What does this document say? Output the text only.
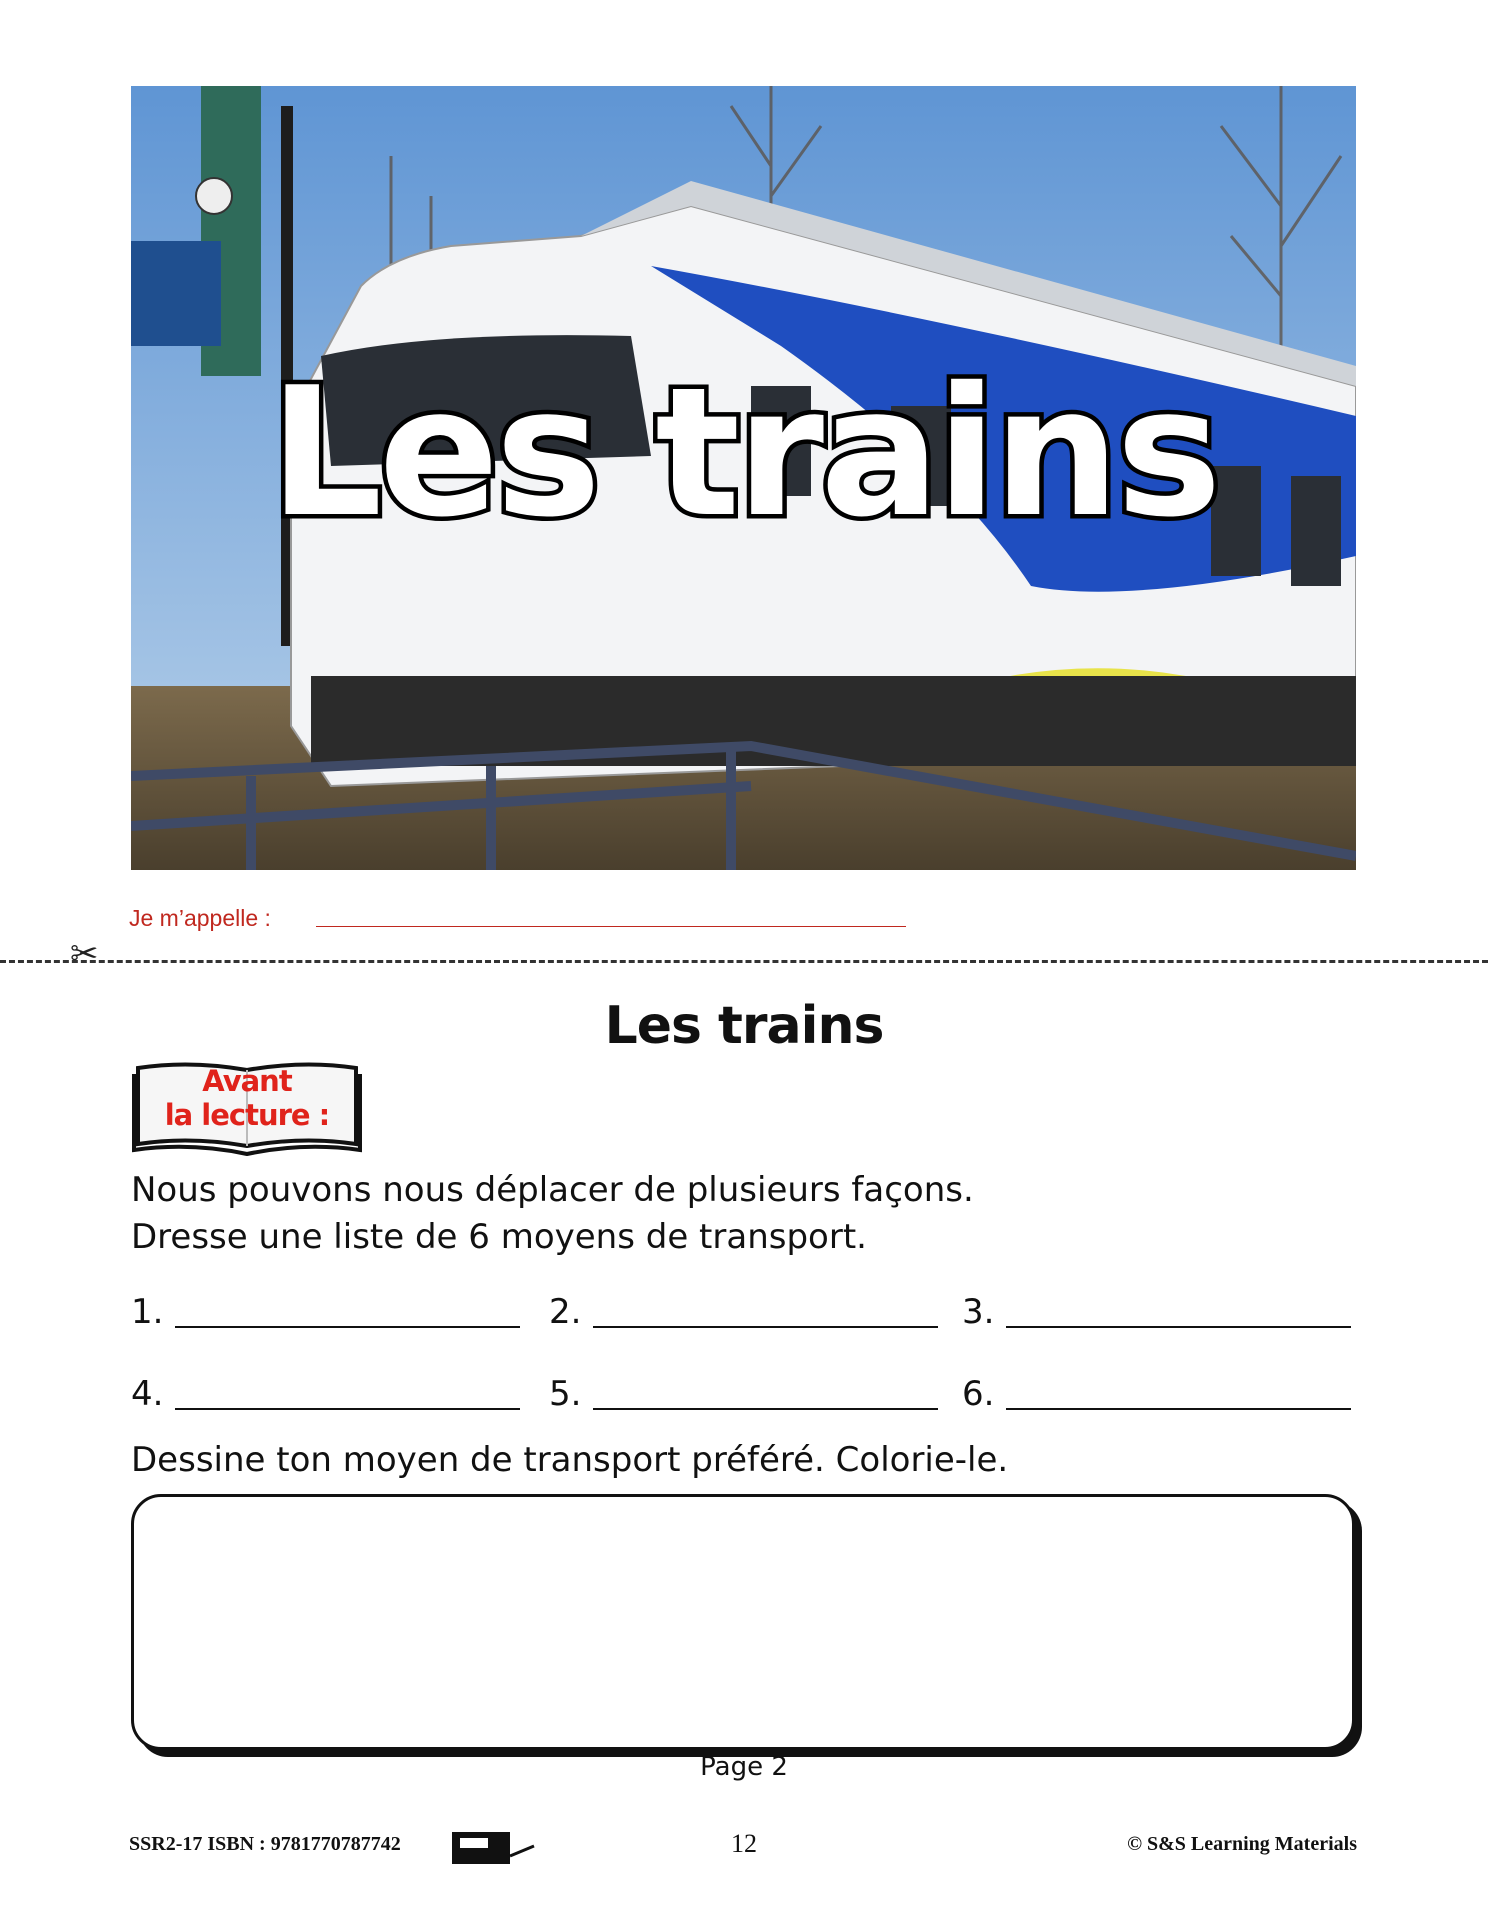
Les trains
Je m’appelle :
✂
Les trains
Avant
la lecture :
Nous pouvons nous déplacer de plusieurs façons.
Dresse une liste de 6 moyens de transport.
1.	2.	3.
4.	5.	6.
Dessine ton moyen de transport préféré. Colorie-le.
Page 2
SSR2-17 ISBN : 9781770787742	12	© S&S Learning Materials
